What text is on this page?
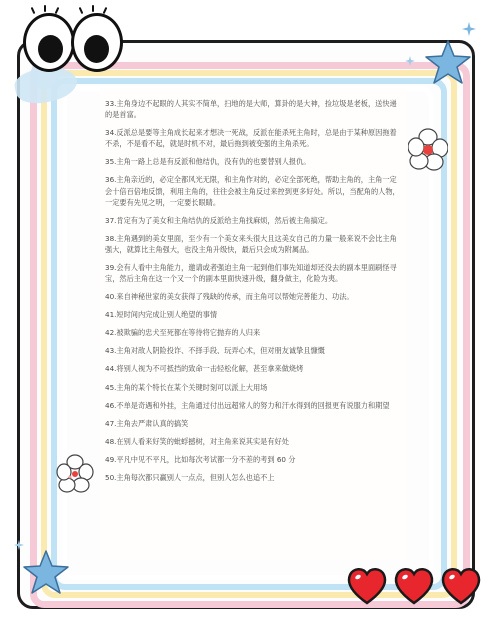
33.主角身边不起眼的人其实不简单，扫地的是大师，算卦的是大神，捡垃圾是老板，送快递的是首富。

34.反派总是要等主角成长起来才想决一死战，反派在能杀死主角时，总是由于某种原因拖着不杀，不是看不起，就是时机不对，最后拖到被变强的主角杀死。

35.主角一路上总是有反派和他结仇，没有仇的也要替别人报仇。

36.主角亲近的，必定全都风光无限，和主角作对的，必定全部死绝，帮助主角的，主角一定会十倍百倍地反馈，利用主角的，往往会被主角反过来控到更多好处。所以，当配角的人物，一定要有先见之明，一定要长眼睛。

37.肯定有为了美女和主角结仇的反派给主角找麻烦，然后被主角搞定。

38.主角遇到的美女里面，至少有一个美女来头很大且这美女自己的力量一般来说不会比主角强大，就算比主角强大，也没主角升级快，最后只会成为附属品。

39.会有人看中主角能力，邀请或者强迫主角一起到他们事先知道却还没去的副本里面刷怪寻宝，然后主角在这一个又一个的副本里面快速升级，翻身做主，化险为夷。

40.来自神秘世家的美女获得了残缺的传承，而主角可以帮她完善能力、功法。

41.短时间内完成让别人绝望的事情

42.被欺骗的忠犬至死都在等待将它抛弃的人归来

43.主角对敌人阴险投诈、不择手段、玩弄心术，但对朋友诚挚且慷慨

44.将别人视为不可抵挡的致命一击轻松化解，甚至拿来做烧烤

45.主角的某个特长在某个关键时刻可以派上大用场

46.不单是奇遇和外挂，主角通过付出远超常人的努力和汗水得到的回报更有说服力和期望

47.主角去严肃认真的搞笑

48.在别人看来好笑的蚍蜉撼树，对主角来说其实是有好处

49.平凡中见不平凡，比如每次考试都一分不差的考到 60 分

50.主角每次都只赢别人一点点，但别人怎么也追不上
